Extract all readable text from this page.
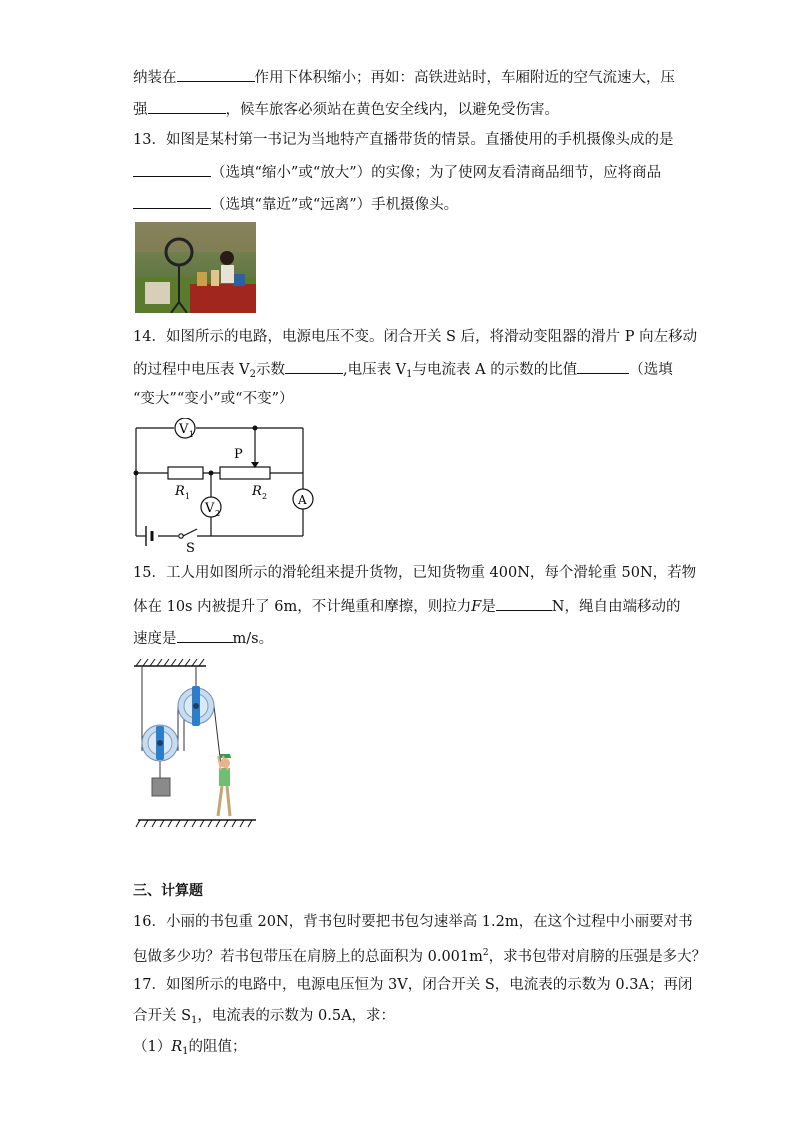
纳装在	作用下体积缩小；再如：高铁进站时，车厢附近的空气流速大，压
强	，候车旅客必须站在黄色安全线内，以避免受伤害。
13．如图是某村第一书记为当地特产直播带货的情景。直播使用的手机摄像头成的是
（选填“缩小”或“放大”）的实像；为了使网友看清商品细节，应将商品
（选填“靠近”或“远离”）手机摄像头。
14．如图所示的电路，电源电压不变。闭合开关 S 后，将滑动变阻器的滑片 P 向左移动
的过程中电压表 $V_2$示数	,电压表 $V_1$与电流表 A 的示数的比值	（选填
“变大”“变小”或“不变”）
V 1
V 2
A
P
R 1	R 2
S
15．工人用如图所示的滑轮组来提升货物，已知货物重 400N，每个滑轮重 50N，若物
体在 10s 内被提升了 6m，不计绳重和摩擦，则拉力F是	N，绳自由端移动的
速度是	m/s。
三、计算题
16．小丽的书包重 20N，背书包时要把书包匀速举高 1.2m，在这个过程中小丽要对书
包做多少功？若书包带压在肩膀上的总面积为 $0.001m^2$，求书包带对肩膀的压强是多大？
17．如图所示的电路中，电源电压恒为 3V，闭合开关 S，电流表的示数为 0.3A；再闭
合开关 $S_1$，电流表的示数为 0.5A，求：
$(1)R_1$的阻值；
